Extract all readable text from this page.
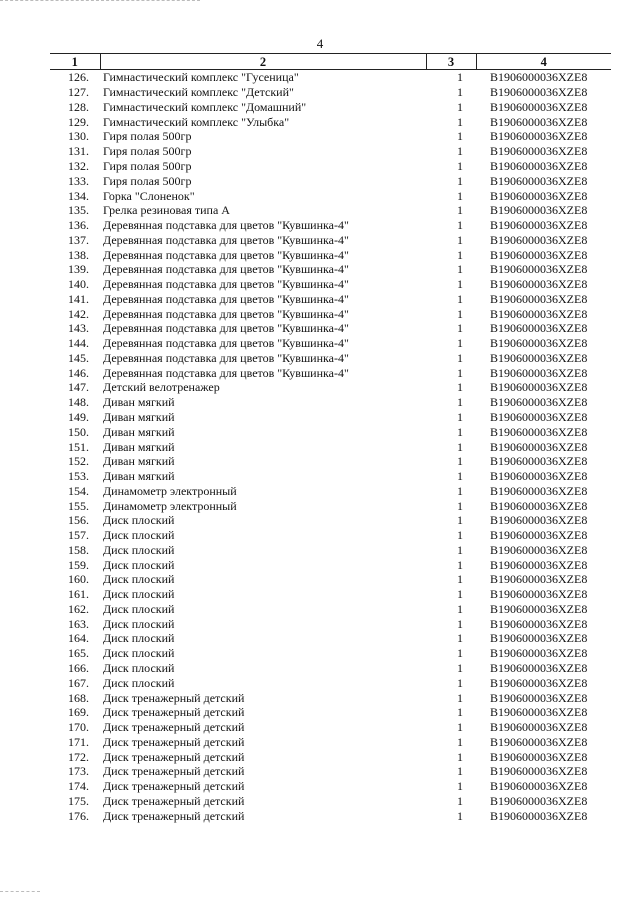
4
1	2	3	4
126.	Гимнастический комплекс "Гусеница"	1	B1906000036XZE8
127.	Гимнастический комплекс "Детский"	1	B1906000036XZE8
128.	Гимнастический комплекс "Домашний"	1	B1906000036XZE8
129.	Гимнастический комплекс "Улыбка"	1	B1906000036XZE8
130.	Гиря полая 500гр	1	B1906000036XZE8
131.	Гиря полая 500гр	1	B1906000036XZE8
132.	Гиря полая 500гр	1	B1906000036XZE8
133.	Гиря полая 500гр	1	B1906000036XZE8
134.	Горка "Слоненок"	1	B1906000036XZE8
135.	Грелка резиновая типа А	1	B1906000036XZE8
136.	Деревянная подставка для цветов "Кувшинка-4"	1	B1906000036XZE8
137.	Деревянная подставка для цветов "Кувшинка-4"	1	B1906000036XZE8
138.	Деревянная подставка для цветов "Кувшинка-4"	1	B1906000036XZE8
139.	Деревянная подставка для цветов "Кувшинка-4"	1	B1906000036XZE8
140.	Деревянная подставка для цветов "Кувшинка-4"	1	B1906000036XZE8
141.	Деревянная подставка для цветов "Кувшинка-4"	1	B1906000036XZE8
142.	Деревянная подставка для цветов "Кувшинка-4"	1	B1906000036XZE8
143.	Деревянная подставка для цветов "Кувшинка-4"	1	B1906000036XZE8
144.	Деревянная подставка для цветов "Кувшинка-4"	1	B1906000036XZE8
145.	Деревянная подставка для цветов "Кувшинка-4"	1	B1906000036XZE8
146.	Деревянная подставка для цветов "Кувшинка-4"	1	B1906000036XZE8
147.	Детский велотренажер	1	B1906000036XZE8
148.	Диван мягкий	1	B1906000036XZE8
149.	Диван мягкий	1	B1906000036XZE8
150.	Диван мягкий	1	B1906000036XZE8
151.	Диван мягкий	1	B1906000036XZE8
152.	Диван мягкий	1	B1906000036XZE8
153.	Диван мягкий	1	B1906000036XZE8
154.	Динамометр электронный	1	B1906000036XZE8
155.	Динамометр электронный	1	B1906000036XZE8
156.	Диск плоский	1	B1906000036XZE8
157.	Диск плоский	1	B1906000036XZE8
158.	Диск плоский	1	B1906000036XZE8
159.	Диск плоский	1	B1906000036XZE8
160.	Диск плоский	1	B1906000036XZE8
161.	Диск плоский	1	B1906000036XZE8
162.	Диск плоский	1	B1906000036XZE8
163.	Диск плоский	1	B1906000036XZE8
164.	Диск плоский	1	B1906000036XZE8
165.	Диск плоский	1	B1906000036XZE8
166.	Диск плоский	1	B1906000036XZE8
167.	Диск плоский	1	B1906000036XZE8
168.	Диск тренажерный детский	1	B1906000036XZE8
169.	Диск тренажерный детский	1	B1906000036XZE8
170.	Диск тренажерный детский	1	B1906000036XZE8
171.	Диск тренажерный детский	1	B1906000036XZE8
172.	Диск тренажерный детский	1	B1906000036XZE8
173.	Диск тренажерный детский	1	B1906000036XZE8
174.	Диск тренажерный детский	1	B1906000036XZE8
175.	Диск тренажерный детский	1	B1906000036XZE8
176.	Диск тренажерный детский	1	B1906000036XZE8
